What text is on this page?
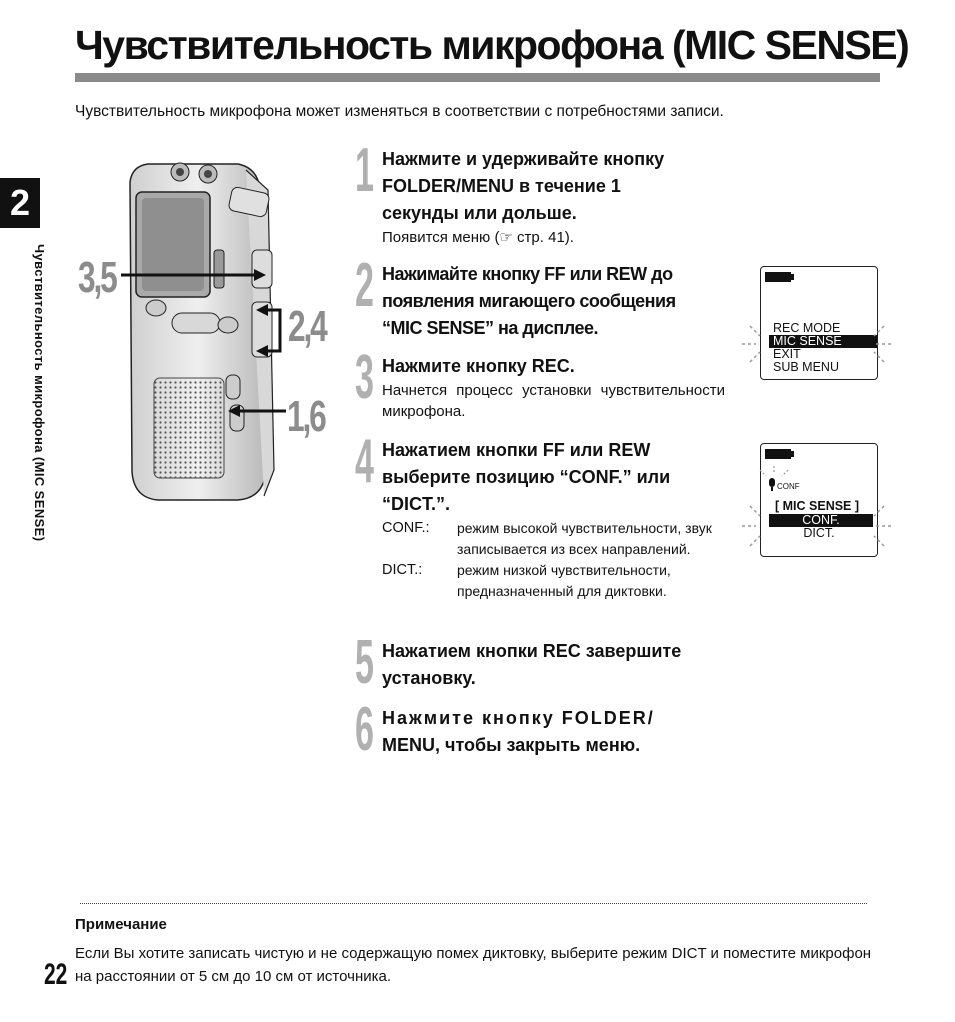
Чувствительность микрофона (MIC SENSE)
Чувствительность микрофона может изменяться в соответствии с потребностями записи.
2
Чувствительность микрофона (MIC SENSE) 3,5
2,4
1,6
1 Нажмите и удерживайте кнопку
FOLDER/MENU в течение 1
секунды или дольше.
Появится меню (☞ стр. 41).
2 Нажимайте кнопку FF или REW до
появления мигающего сообщения
“MIC SENSE” на дисплее.
3 Нажмите кнопку REC.
Начнется процесс установки чувствительности микрофона.
4 Нажатием кнопки FF или REW
выберите позицию “CONF.” или
“DICT.”.
CONF.:	режим высокой чувствительности, звук записывается из всех направлений.
DICT.:	режим низкой чувствительности, предназначенный для диктовки.
5 Нажатием кнопки REC завершите
установку.
6 Нажмите кнопку FOLDER/
MENU, чтобы закрыть меню.
REC MODE
MIC SENSE
EXIT
SUB MENU
CONF
[ MIC SENSE ]
CONF.
DICT.
Примечание
Если Вы хотите записать чистую и не содержащую помех диктовку, выберите режим DICT и поместите микрофон на расстоянии от 5 см до 10 см от источника.
22
